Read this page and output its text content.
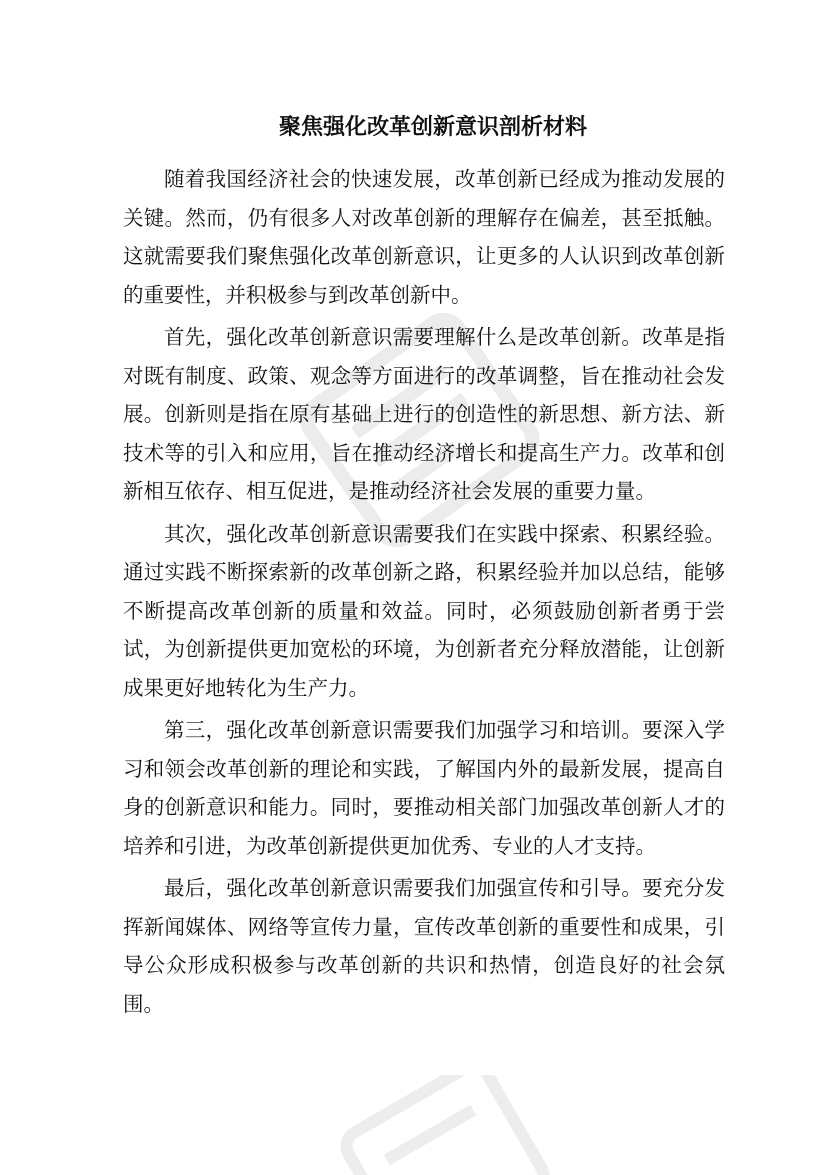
聚焦强化改革创新意识剖析材料

随着我国经济社会的快速发展，改革创新已经成为推动发展的关键。然而，仍有很多人对改革创新的理解存在偏差，甚至抵触。这就需要我们聚焦强化改革创新意识，让更多的人认识到改革创新的重要性，并积极参与到改革创新中。

首先，强化改革创新意识需要理解什么是改革创新。改革是指对既有制度、政策、观念等方面进行的改革调整，旨在推动社会发展。创新则是指在原有基础上进行的创造性的新思想、新方法、新技术等的引入和应用，旨在推动经济增长和提高生产力。改革和创新相互依存、相互促进，是推动经济社会发展的重要力量。

其次，强化改革创新意识需要我们在实践中探索、积累经验。通过实践不断探索新的改革创新之路，积累经验并加以总结，能够不断提高改革创新的质量和效益。同时，必须鼓励创新者勇于尝试，为创新提供更加宽松的环境，为创新者充分释放潜能，让创新成果更好地转化为生产力。

第三，强化改革创新意识需要我们加强学习和培训。要深入学习和领会改革创新的理论和实践，了解国内外的最新发展，提高自身的创新意识和能力。同时，要推动相关部门加强改革创新人才的培养和引进，为改革创新提供更加优秀、专业的人才支持。

最后，强化改革创新意识需要我们加强宣传和引导。要充分发挥新闻媒体、网络等宣传力量，宣传改革创新的重要性和成果，引导公众形成积极参与改革创新的共识和热情，创造良好的社会氛围。
